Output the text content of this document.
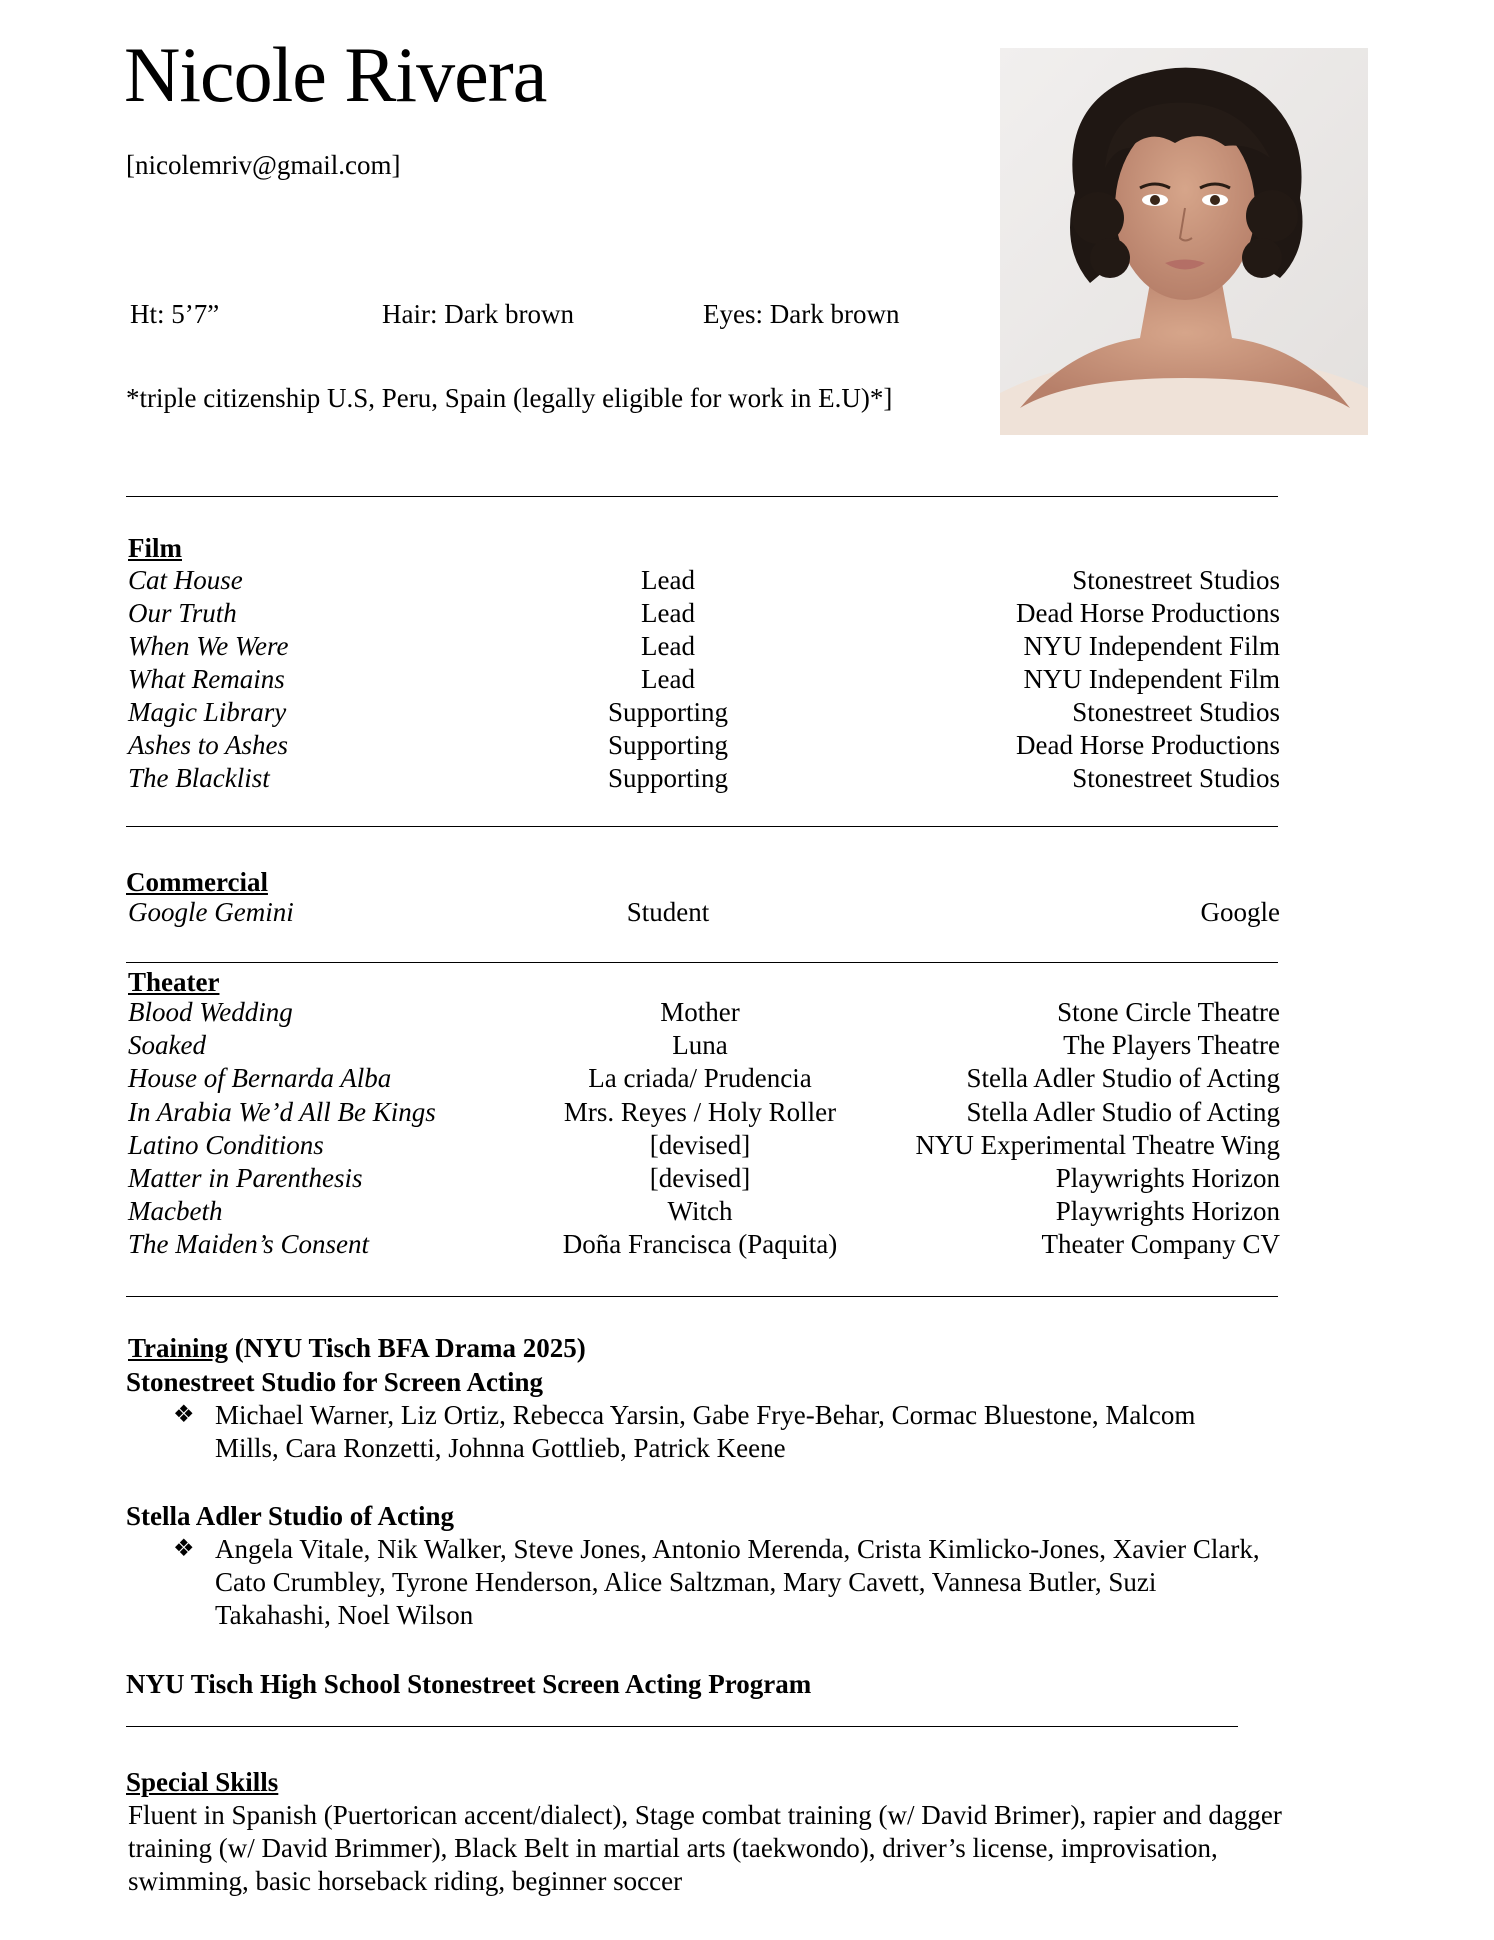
Nicole Rivera
[nicolemriv@gmail.com]
Ht: 5’7”	Hair: Dark brown	Eyes: Dark brown
*triple citizenship U.S, Peru, Spain (legally eligible for work in E.U)*]
Film
Cat House	Lead	Stonestreet Studios
Our Truth	Lead	Dead Horse Productions
When We Were	Lead	NYU Independent Film
What Remains	Lead	NYU Independent Film
Magic Library	Supporting	Stonestreet Studios
Ashes to Ashes	Supporting	Dead Horse Productions
The Blacklist	Supporting	Stonestreet Studios
Commercial
Google Gemini	Student	Google
Theater
Blood Wedding	Mother	Stone Circle Theatre
Soaked	Luna	The Players Theatre
House of Bernarda Alba	La criada/ Prudencia	Stella Adler Studio of Acting
In Arabia We’d All Be Kings	Mrs. Reyes / Holy Roller	Stella Adler Studio of Acting
Latino Conditions	[devised]	NYU Experimental Theatre Wing
Matter in Parenthesis	[devised]	Playwrights Horizon
Macbeth	Witch	Playwrights Horizon
The Maiden’s Consent	Doña Francisca (Paquita)	Theater Company CV
Training (NYU Tisch BFA Drama 2025)
Stonestreet Studio for Screen Acting
❖ Michael Warner, Liz Ortiz, Rebecca Yarsin, Gabe Frye-Behar, Cormac Bluestone, Malcom Mills, Cara Ronzetti, Johnna Gottlieb, Patrick Keene
Stella Adler Studio of Acting
❖ Angela Vitale, Nik Walker, Steve Jones, Antonio Merenda, Crista Kimlicko-Jones, Xavier Clark, Cato Crumbley, Tyrone Henderson, Alice Saltzman, Mary Cavett, Vannesa Butler, Suzi Takahashi, Noel Wilson
NYU Tisch High School Stonestreet Screen Acting Program
Special Skills
Fluent in Spanish (Puertorican accent/dialect), Stage combat training (w/ David Brimer), rapier and dagger training (w/ David Brimmer), Black Belt in martial arts (taekwondo), driver’s license, improvisation, swimming, basic horseback riding, beginner soccer
